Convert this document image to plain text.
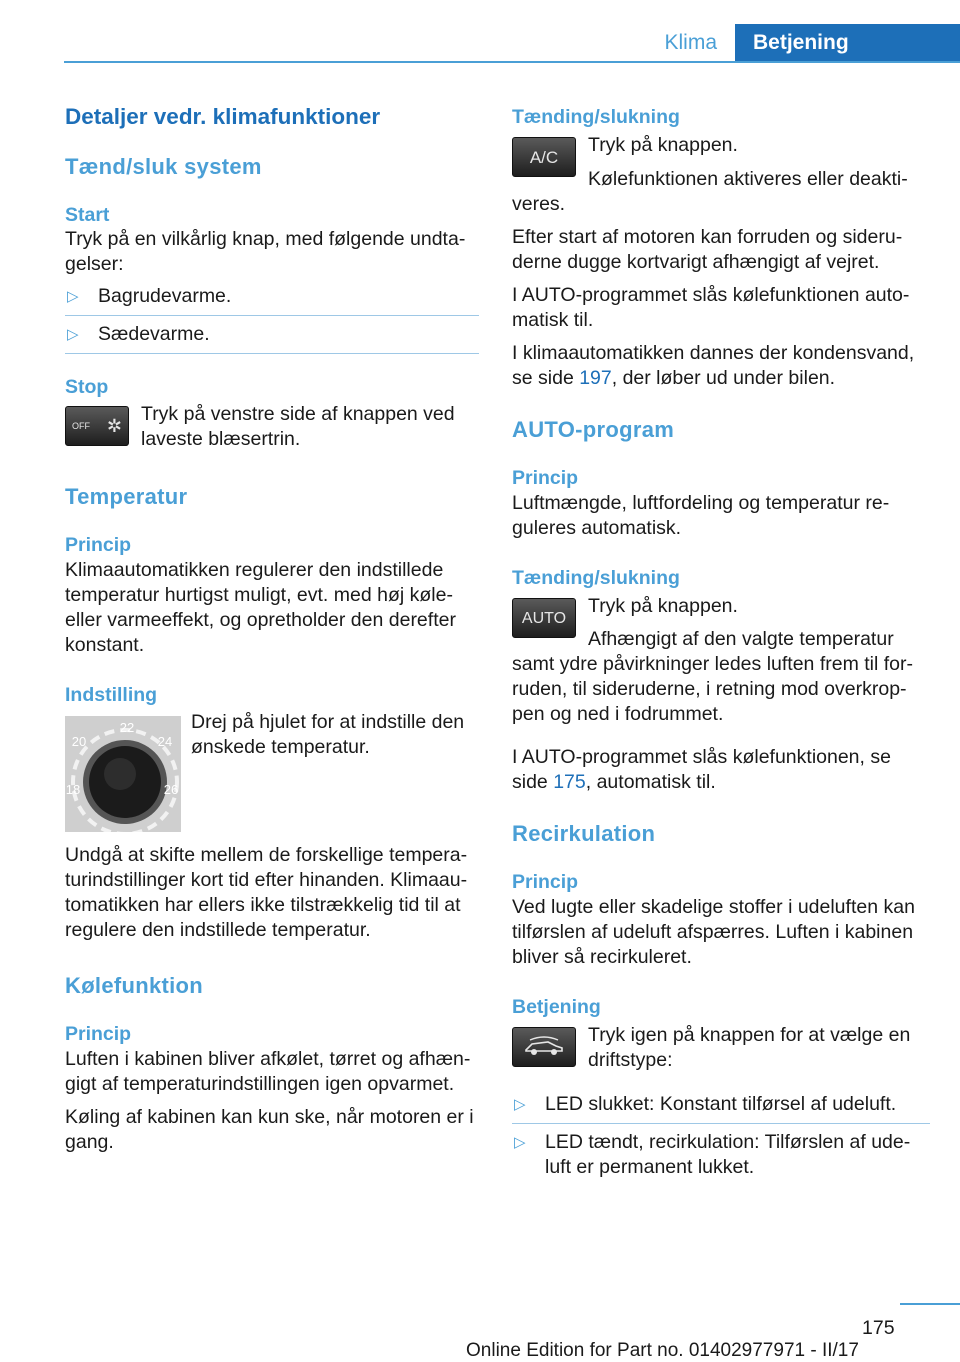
Klima	Betjening
Detaljer vedr. klimafunktioner
Tænd/sluk system
Start

Tryk på en vilkårlig knap, med følgende undta-gelser:

▷ Bagrudevarme.
▷ Sædevarme.
Stop
OFF ✲

Tryk på venstre side af knappen ved laveste blæsertrin.

Temperatur
Princip

Klimaautomatikken regulerer den indstillede temperatur hurtigst muligt, evt. med høj køle- eller varmeeffekt, og opretholder den derefter konstant.

Indstilling
22
20	24
18	26

Drej på hjulet for at indstille den ønskede temperatur.

Undgå at skifte mellem de forskellige tempera-turindstillinger kort tid efter hinanden. Klimaau-tomatikken har ellers ikke tilstrækkelig tid til at regulere den indstillede temperatur.

Kølefunktion
Princip

Luften i kabinen bliver afkølet, tørret og afhæn-gigt af temperaturindstillingen igen opvarmet.

Køling af kabinen kan kun ske, når motoren er i gang.

Tænding/slukning
A/C

Tryk på knappen.

Kølefunktionen aktiveres eller deakti-veres.

Efter start af motoren kan forruden og sideru-derne dugge kortvarigt afhængigt af vejret.

I AUTO-programmet slås kølefunktionen auto-matisk til.

I klimaautomatikken dannes der kondensvand, se side 197, der løber ud under bilen.

AUTO-program
Princip

Luftmængde, luftfordeling og temperatur re-guleres automatisk.

Tænding/slukning
AUTO

Tryk på knappen.

Afhængigt af den valgte temperatur samt ydre påvirkninger ledes luften frem til for-ruden, til sideruderne, i retning mod overkrop-pen og ned i fodrummet.

I AUTO-programmet slås kølefunktionen, se side 175, automatisk til.

Recirkulation
Princip

Ved lugte eller skadelige stoffer i udeluften kan tilførslen af udeluft afspærres. Luften i kabinen bliver så recirkuleret.

Betjening

Tryk igen på knappen for at vælge en driftstype:

▷ LED slukket: Konstant tilførsel af udeluft.
▷ LED tændt, recirkulation: Tilførslen af ude-luft er permanent lukket.
175
Online Edition for Part no. 01402977971 - II/17
